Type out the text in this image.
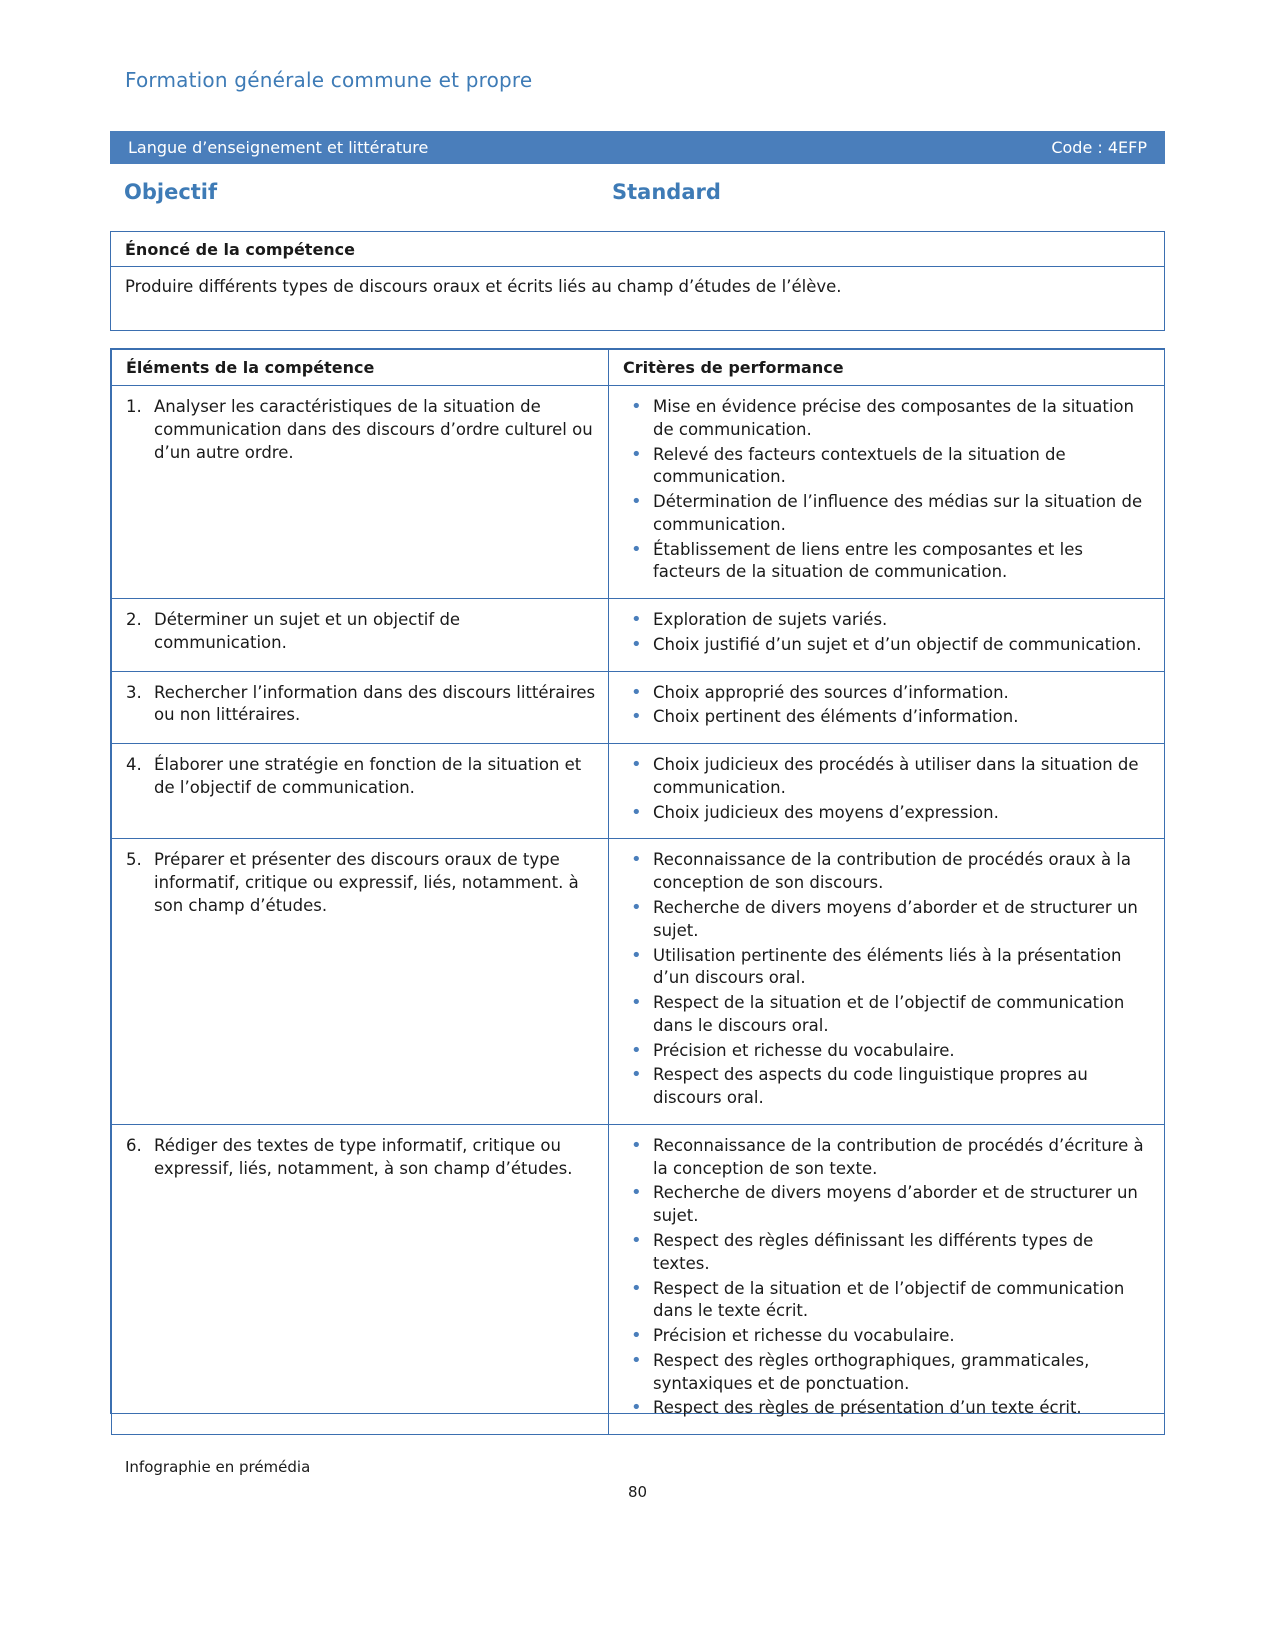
Formation générale commune et propre
Langue d’enseignement et littérature	Code : 4EFP
Objectif	Standard
Énoncé de la compétence
Produire différents types de discours oraux et écrits liés au champ d’études de l’élève.
Éléments de la compétence	Critères de performance

1. Analyser les caractéristiques de la situation de communication dans des discours d’ordre culturel ou d’un autre ordre.

• Mise en évidence précise des composantes de la situation de communication.
• Relevé des facteurs contextuels de la situation de communication.
• Détermination de l’influence des médias sur la situation de communication.
• Établissement de liens entre les composantes et les facteurs de la situation de communication.

2. Déterminer un sujet et un objectif de communication.

• Exploration de sujets variés.
• Choix justifié d’un sujet et d’un objectif de communication.

3. Rechercher l’information dans des discours littéraires ou non littéraires.

• Choix approprié des sources d’information.
• Choix pertinent des éléments d’information.

4. Élaborer une stratégie en fonction de la situation et de l’objectif de communication.

• Choix judicieux des procédés à utiliser dans la situation de communication.
• Choix judicieux des moyens d’expression.

5. Préparer et présenter des discours oraux de type informatif, critique ou expressif, liés, notamment. à son champ d’études.

• Reconnaissance de la contribution de procédés oraux à la conception de son discours.
• Recherche de divers moyens d’aborder et de structurer un sujet.
• Utilisation pertinente des éléments liés à la présentation d’un discours oral.
• Respect de la situation et de l’objectif de communication dans le discours oral.
• Précision et richesse du vocabulaire.
• Respect des aspects du code linguistique propres au discours oral.

6. Rédiger des textes de type informatif, critique ou expressif, liés, notamment, à son champ d’études.

• Reconnaissance de la contribution de procédés d’écriture à la conception de son texte.
• Recherche de divers moyens d’aborder et de structurer un sujet.
• Respect des règles définissant les différents types de textes.
• Respect de la situation et de l’objectif de communication dans le texte écrit.
• Précision et richesse du vocabulaire.
• Respect des règles orthographiques, grammaticales, syntaxiques et de ponctuation.
• Respect des règles de présentation d’un texte écrit.
Infographie en prémédia
80
